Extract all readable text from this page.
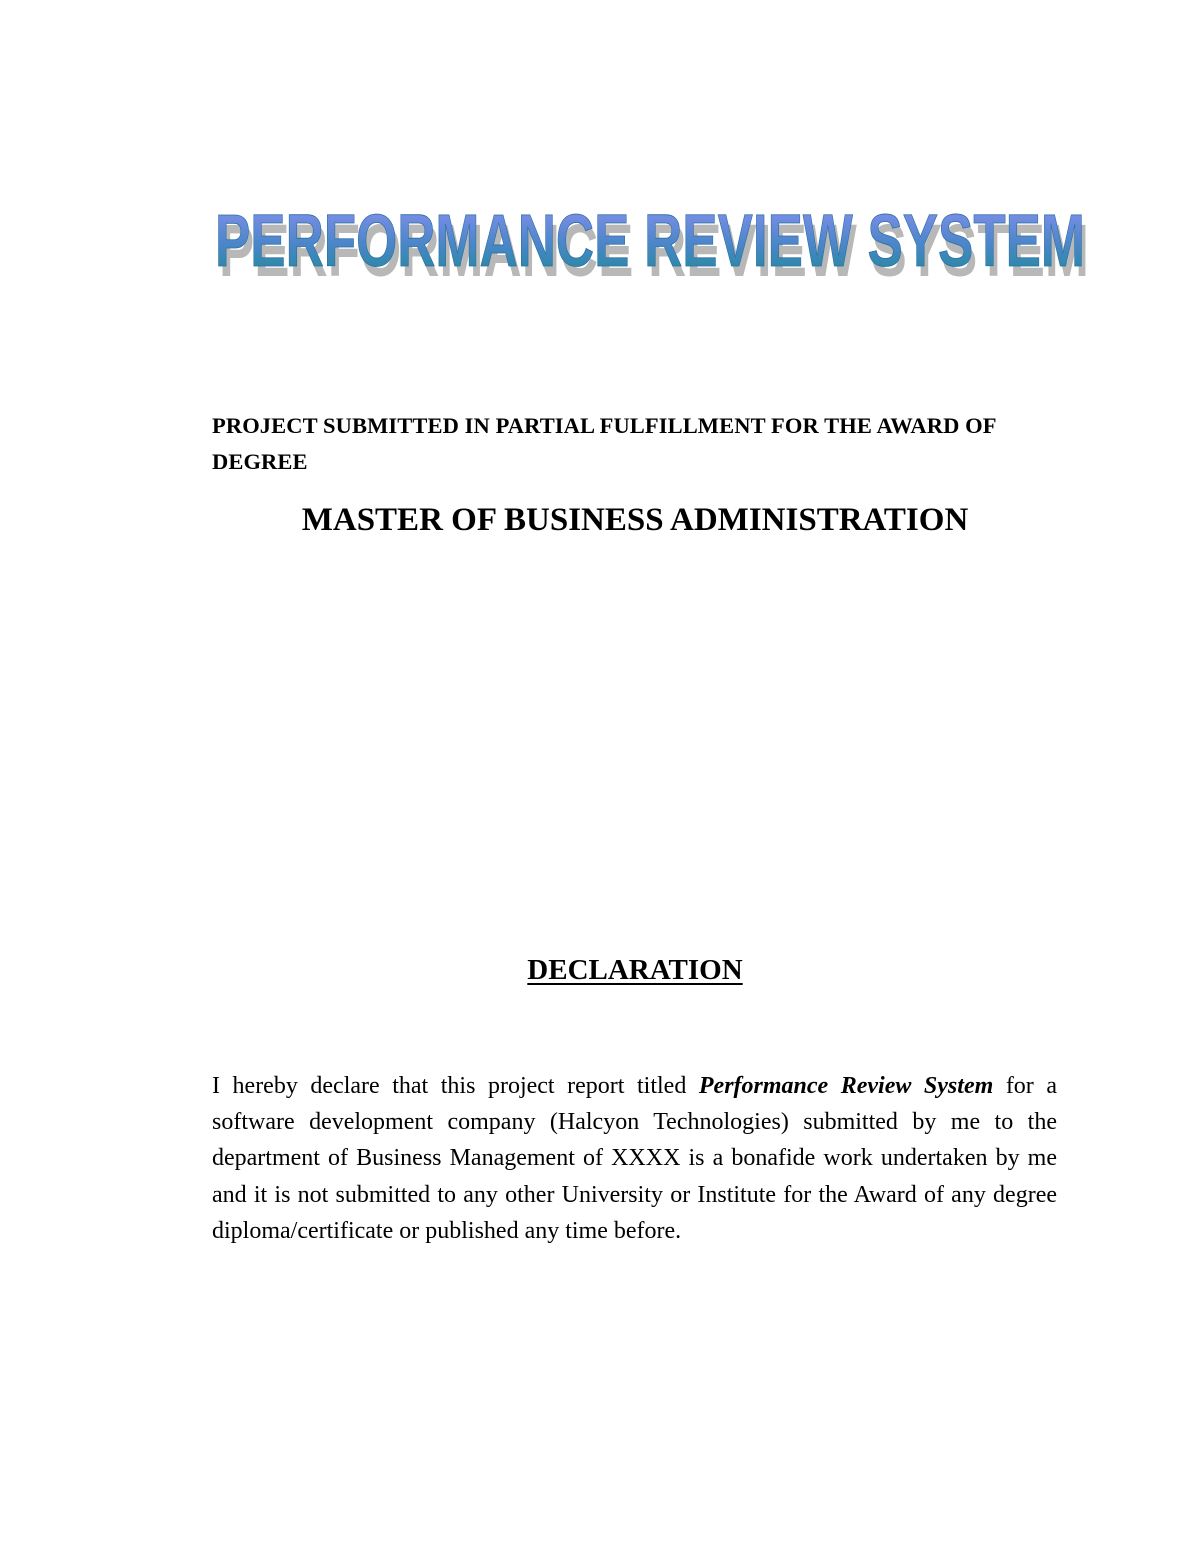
PERFORMANCE REVIEW SYSTEM
PERFORMANCE REVIEW SYSTEM

PROJECT SUBMITTED IN PARTIAL FULFILLMENT FOR THE AWARD OF DEGREE

MASTER OF BUSINESS ADMINISTRATION

DECLARATION

I hereby declare that this project report titled Performance Review System for a software development company (Halcyon Technologies) submitted by me to the department of Business Management of XXXX is a bonafide work undertaken by me and it is not submitted to any other University or Institute for the Award of any degree diploma/certificate or published any time before.
